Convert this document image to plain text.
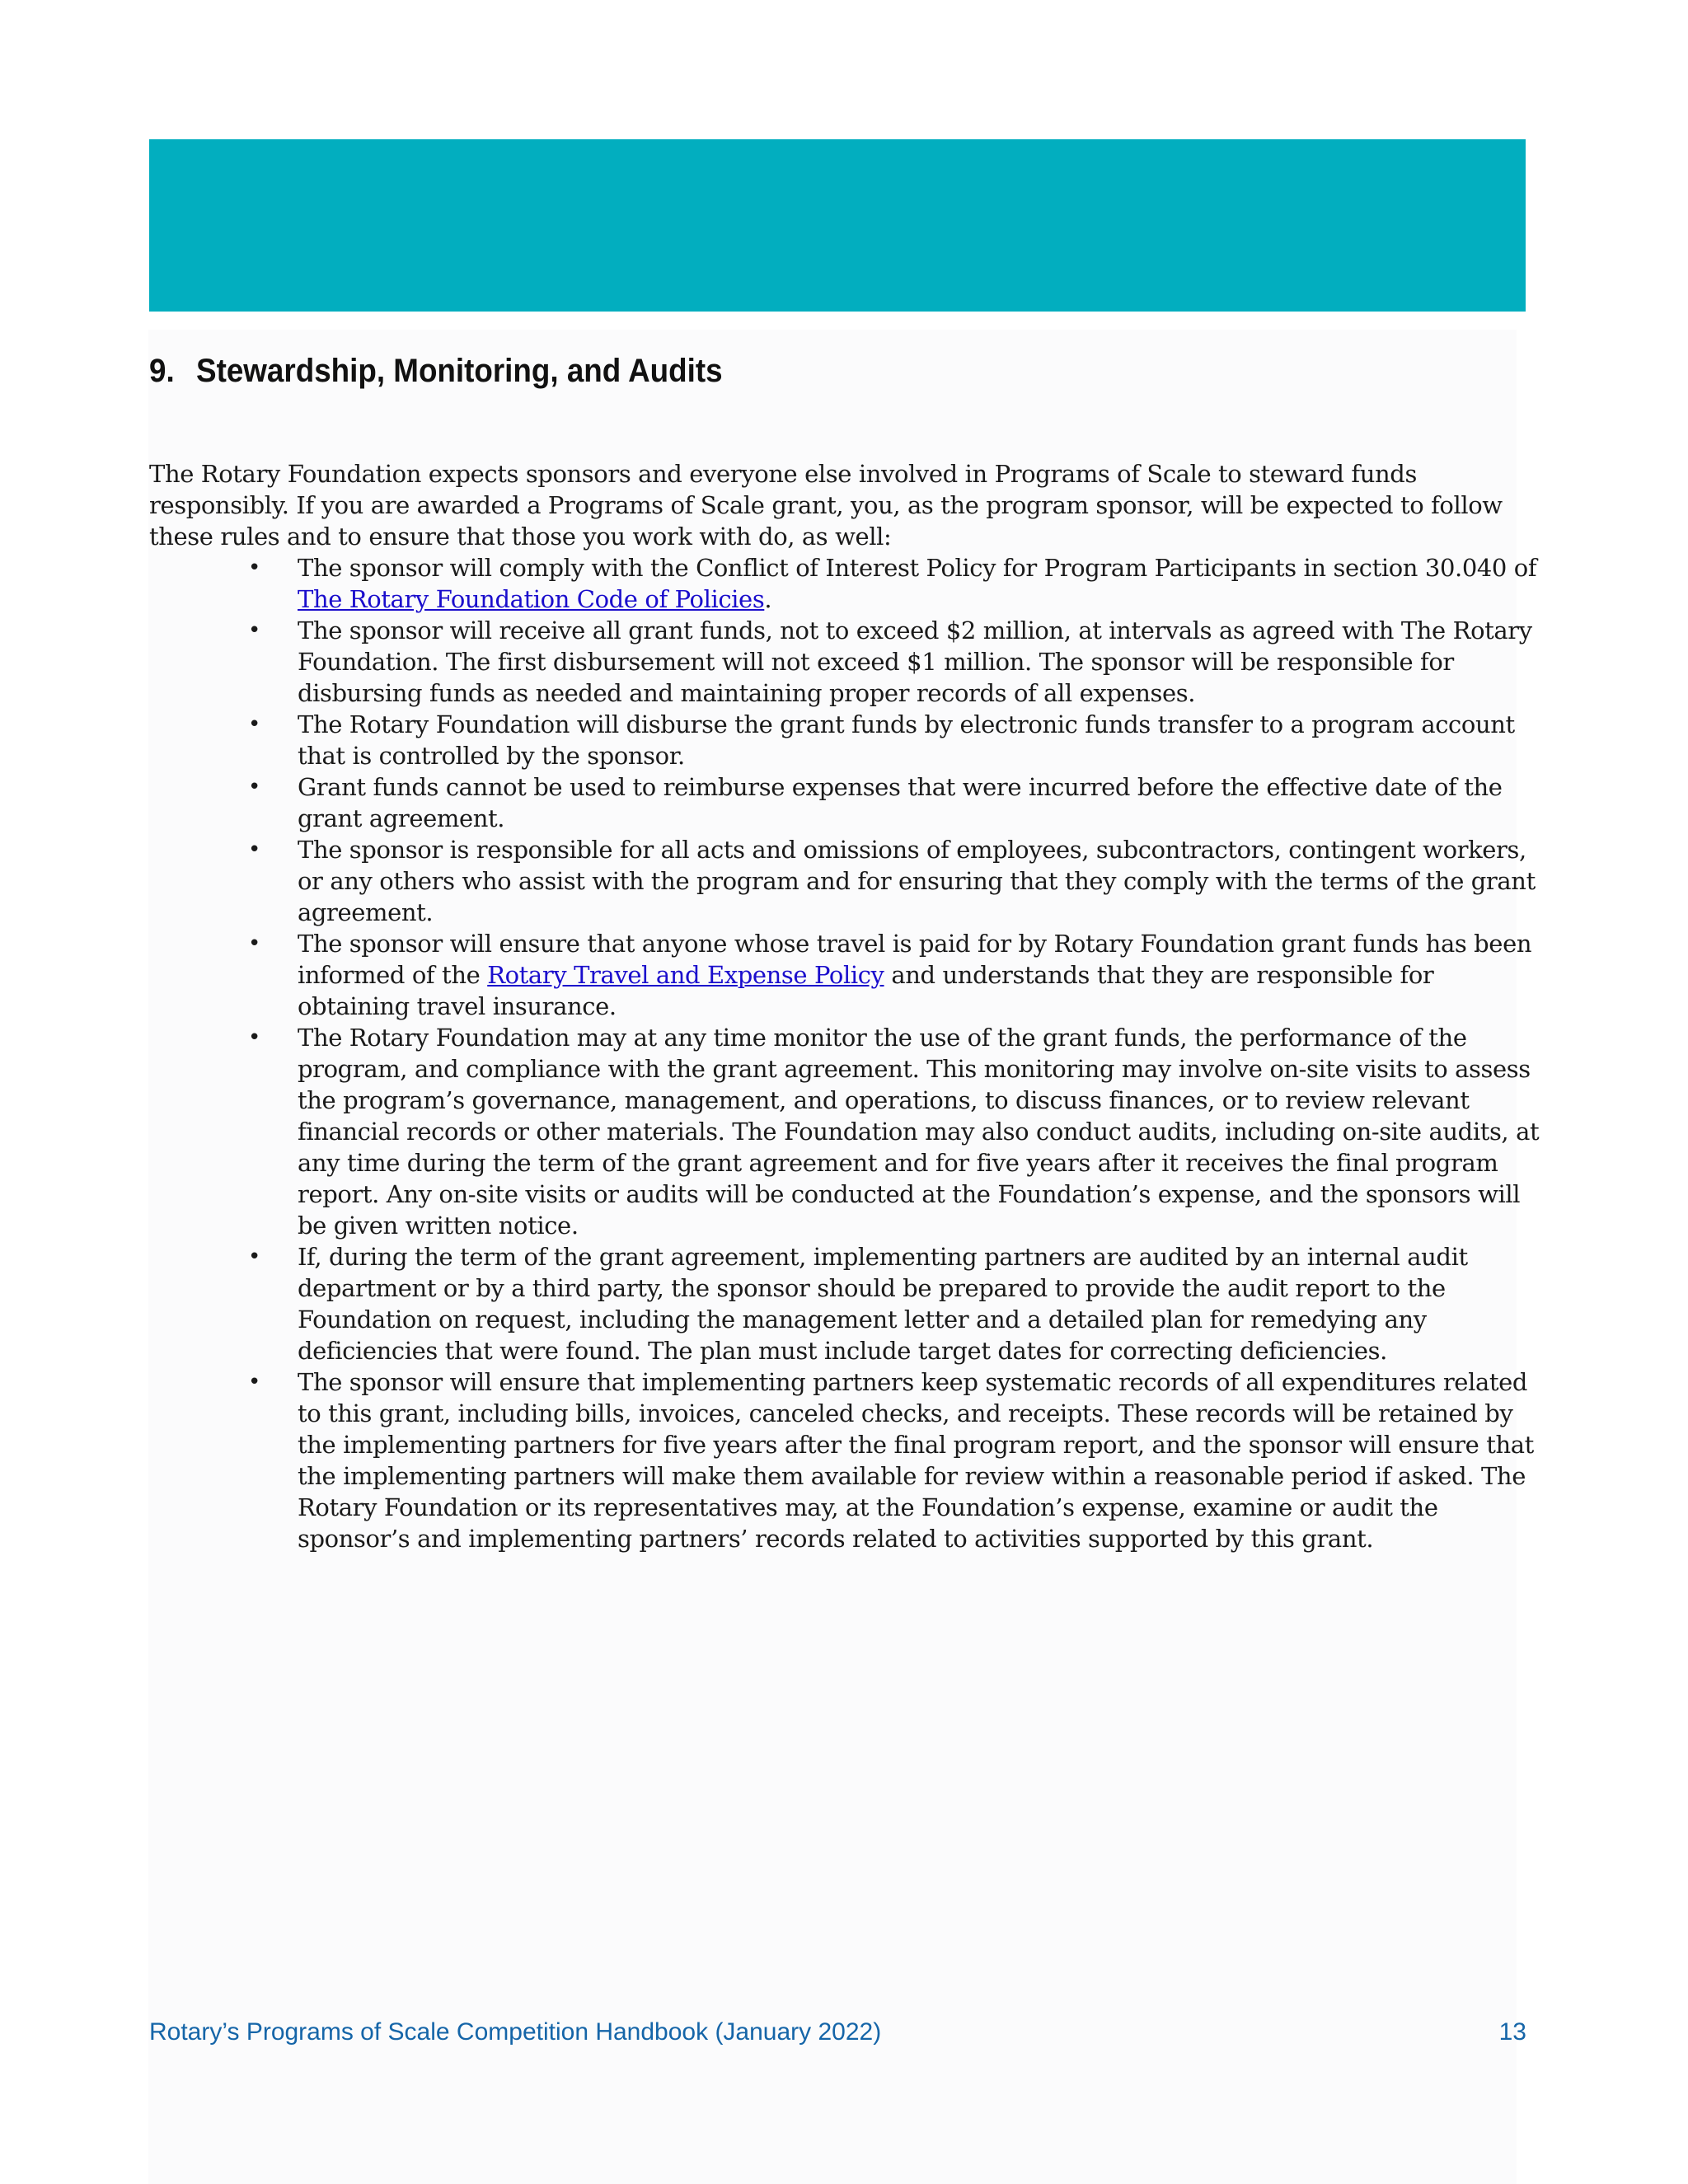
9. Stewardship, Monitoring, and Audits

The Rotary Foundation expects sponsors and everyone else involved in Programs of Scale to steward funds responsibly. If you are awarded a Programs of Scale grant, you, as the program sponsor, will be expected to follow these rules and to ensure that those you work with do, as well:

• The sponsor will comply with the Conflict of Interest Policy for Program Participants in section 30.040 of The Rotary Foundation Code of Policies.
• The sponsor will receive all grant funds, not to exceed $2 million, at intervals as agreed with The Rotary Foundation. The first disbursement will not exceed $1 million. The sponsor will be responsible for disbursing funds as needed and maintaining proper records of all expenses.
• The Rotary Foundation will disburse the grant funds by electronic funds transfer to a program account that is controlled by the sponsor.
• Grant funds cannot be used to reimburse expenses that were incurred before the effective date of the grant agreement.
• The sponsor is responsible for all acts and omissions of employees, subcontractors, contingent workers, or any others who assist with the program and for ensuring that they comply with the terms of the grant agreement.
• The sponsor will ensure that anyone whose travel is paid for by Rotary Foundation grant funds has been informed of the Rotary Travel and Expense Policy and understands that they are responsible for obtaining travel insurance.
• The Rotary Foundation may at any time monitor the use of the grant funds, the performance of the program, and compliance with the grant agreement. This monitoring may involve on-site visits to assess the program’s governance, management, and operations, to discuss finances, or to review relevant financial records or other materials. The Foundation may also conduct audits, including on-site audits, at any time during the term of the grant agreement and for five years after it receives the final program report. Any on-site visits or audits will be conducted at the Foundation’s expense, and the sponsors will be given written notice.
• If, during the term of the grant agreement, implementing partners are audited by an internal audit department or by a third party, the sponsor should be prepared to provide the audit report to the Foundation on request, including the management letter and a detailed plan for remedying any deficiencies that were found. The plan must include target dates for correcting deficiencies.
• The sponsor will ensure that implementing partners keep systematic records of all expenditures related to this grant, including bills, invoices, canceled checks, and receipts. These records will be retained by the implementing partners for five years after the final program report, and the sponsor will ensure that the implementing partners will make them available for review within a reasonable period if asked. The Rotary Foundation or its representatives may, at the Foundation’s expense, examine or audit the sponsor’s and implementing partners’ records related to activities supported by this grant.
Rotary’s Programs of Scale Competition Handbook (January 2022)	13
